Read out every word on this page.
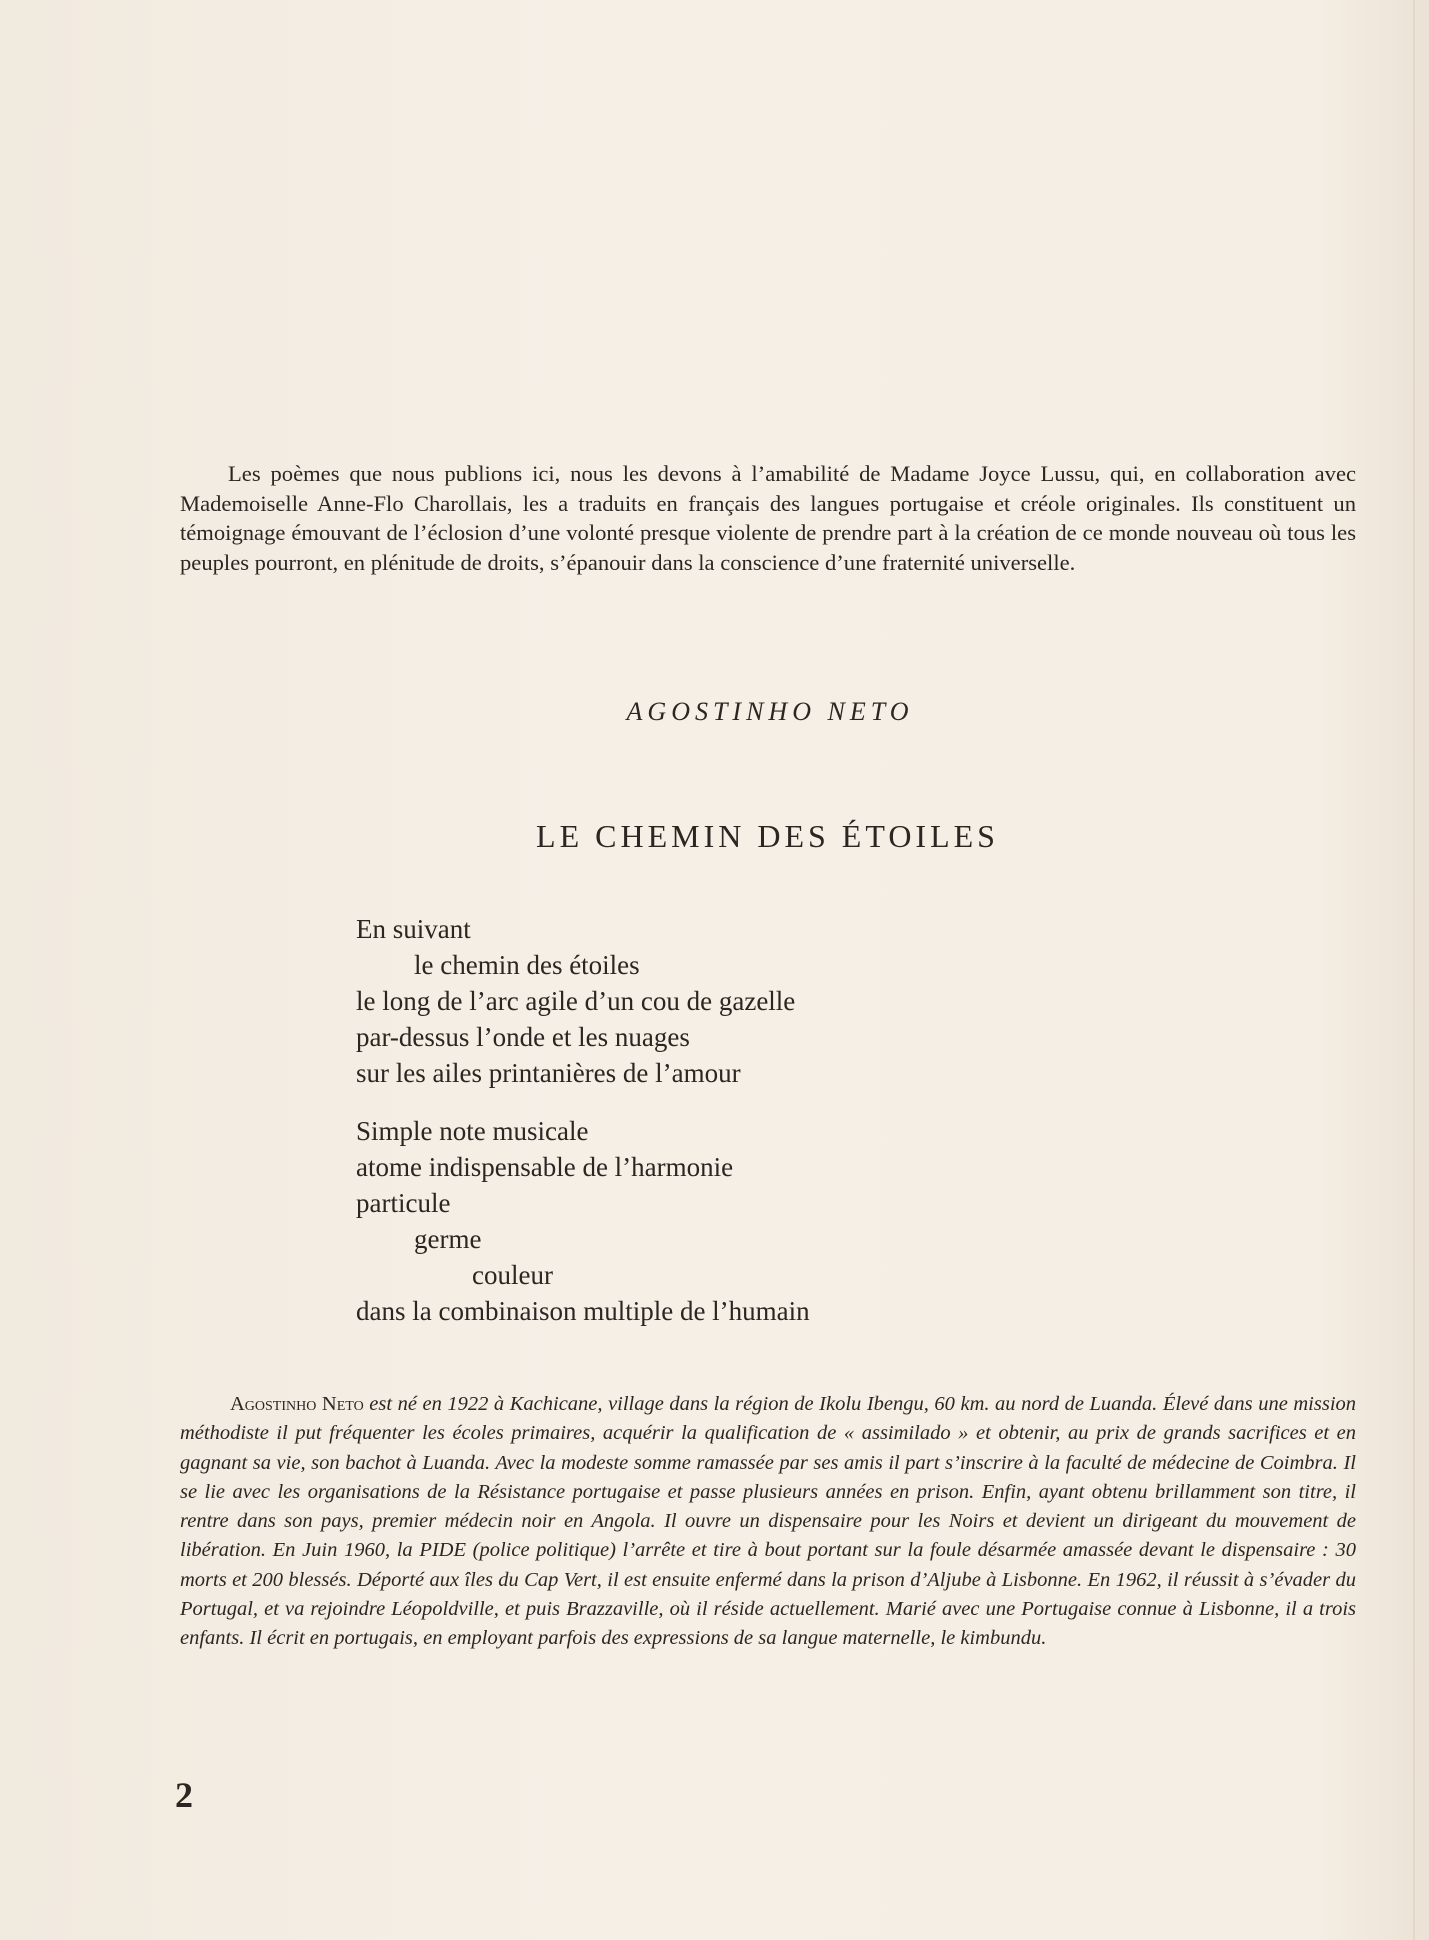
Les poèmes que nous publions ici, nous les devons à l’amabilité de Madame Joyce Lussu, qui, en collaboration avec Mademoiselle Anne-Flo Charollais, les a traduits en français des langues portugaise et créole originales. Ils constituent un témoignage émouvant de l’éclosion d’une volonté presque violente de prendre part à la création de ce monde nouveau où tous les peuples pourront, en plénitude de droits, s’épanouir dans la conscience d’une fraternité universelle.

AGOSTINHO NETO

LE CHEMIN DES ÉTOILES
En suivant
le chemin des étoiles
le long de l’arc agile d’un cou de gazelle
par-dessus l’onde et les nuages
sur les ailes printanières de l’amour
Simple note musicale
atome indispensable de l’harmonie
particule
germe
couleur
dans la combinaison multiple de l’humain

Agostinho Neto est né en 1922 à Kachicane, village dans la région de Ikolu Ibengu, 60 km. au nord de Luanda. Élevé dans une mission méthodiste il put fréquenter les écoles primaires, acquérir la qualification de « assimilado » et obtenir, au prix de grands sacrifices et en gagnant sa vie, son bachot à Luanda. Avec la modeste somme ramassée par ses amis il part s’inscrire à la faculté de médecine de Coimbra. Il se lie avec les organisations de la Résistance portugaise et passe plusieurs années en prison. Enfin, ayant obtenu brillamment son titre, il rentre dans son pays, premier médecin noir en Angola. Il ouvre un dispensaire pour les Noirs et devient un dirigeant du mouvement de libération. En Juin 1960, la PIDE (police politique) l’arrête et tire à bout portant sur la foule désarmée amassée devant le dispensaire : 30 morts et 200 blessés. Déporté aux îles du Cap Vert, il est ensuite enfermé dans la prison d’Aljube à Lisbonne. En 1962, il réussit à s’évader du Portugal, et va rejoindre Léopoldville, et puis Brazzaville, où il réside actuellement. Marié avec une Portugaise connue à Lisbonne, il a trois enfants. Il écrit en portugais, en employant parfois des expressions de sa langue maternelle, le kimbundu.

2
